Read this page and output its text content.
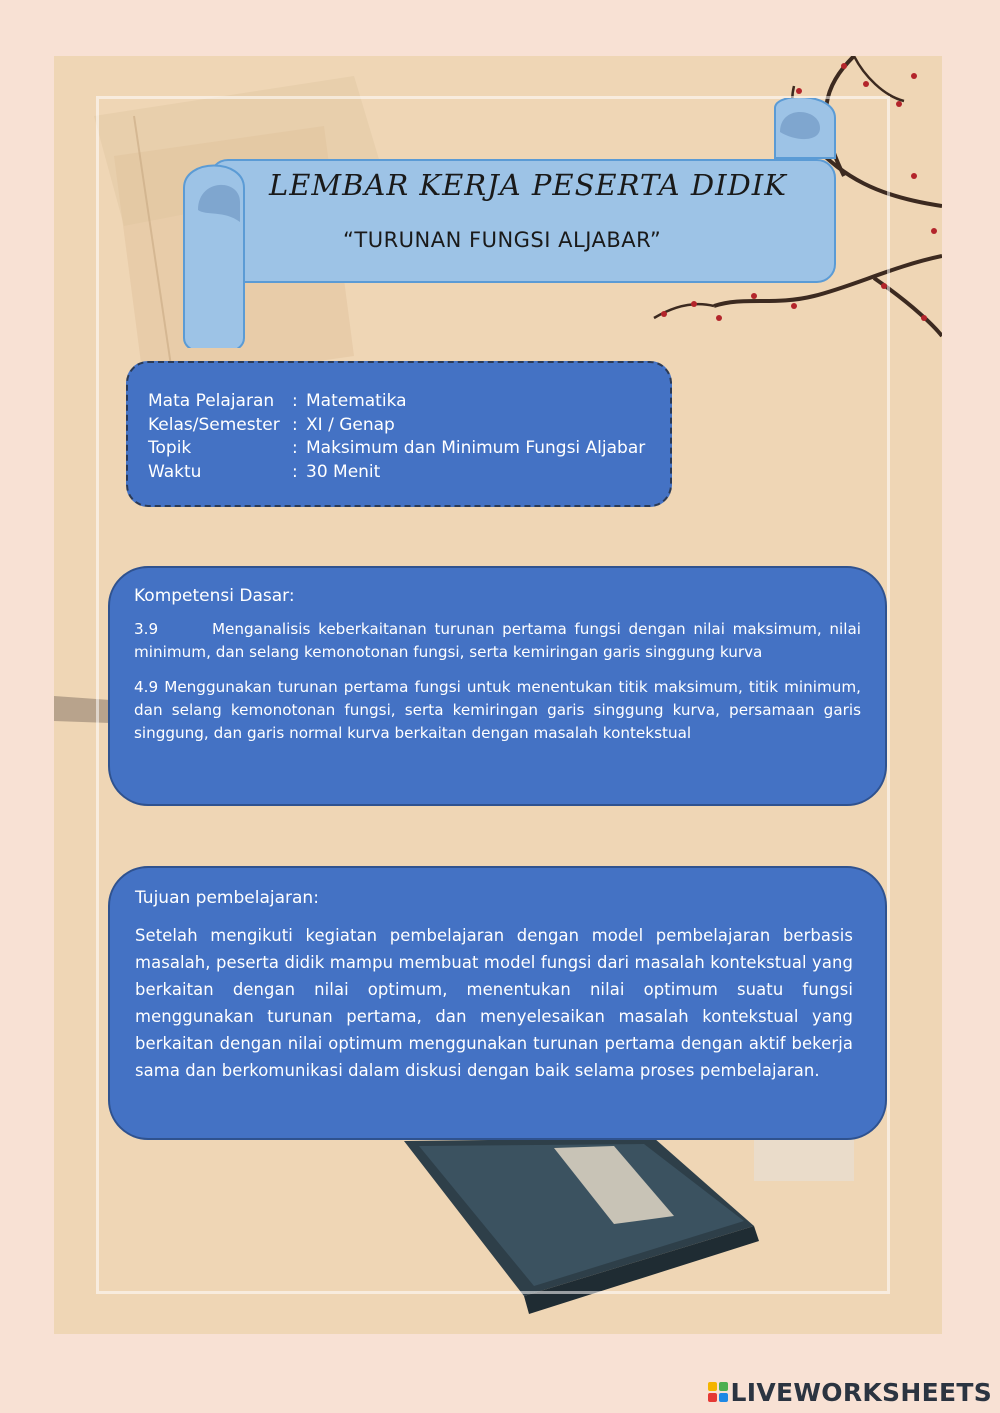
LEMBAR KERJA PESERTA DIDIK
“TURUNAN FUNGSI ALJABAR”
Mata Pelajaran	: Matematika
Kelas/Semester : XI / Genap
Topik	: Maksimum dan Minimum Fungsi Aljabar
Waktu	: 30 Menit
Kompetensi Dasar:

3.9       Menganalisis keberkaitanan turunan pertama fungsi dengan nilai maksimum, nilai minimum, dan selang kemonotonan fungsi, serta kemiringan garis singgung kurva

4.9 Menggunakan turunan pertama fungsi untuk menentukan titik maksimum, titik minimum, dan selang kemonotonan fungsi, serta kemiringan garis singgung kurva, persamaan garis singgung, dan garis normal kurva berkaitan dengan masalah kontekstual

Tujuan pembelajaran:

Setelah mengikuti kegiatan pembelajaran dengan model pembelajaran berbasis masalah, peserta didik mampu membuat model fungsi dari masalah kontekstual yang berkaitan dengan nilai optimum, menentukan nilai optimum suatu fungsi menggunakan turunan pertama, dan menyelesaikan masalah kontekstual yang berkaitan dengan nilai optimum menggunakan turunan pertama dengan aktif bekerja sama dan berkomunikasi dalam diskusi dengan baik selama proses pembelajaran.

LIVEWORKSHEETS
